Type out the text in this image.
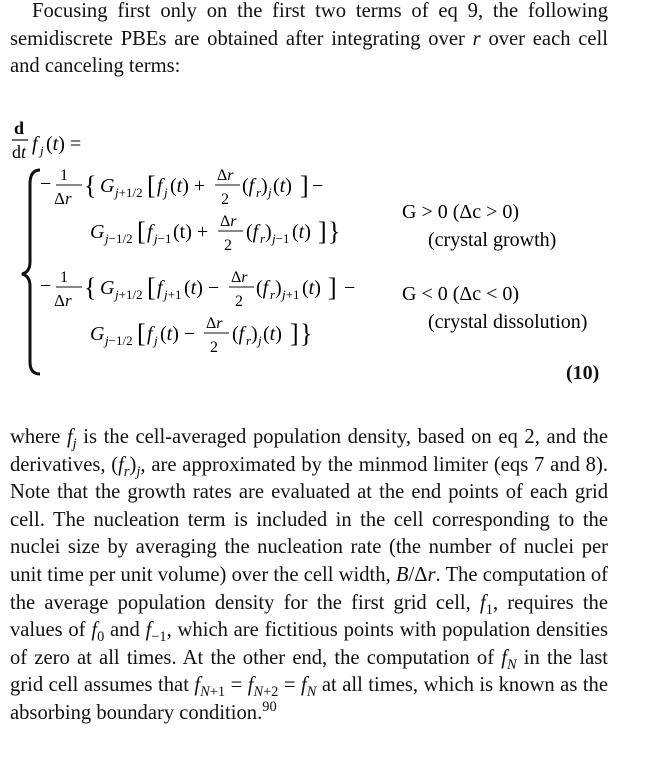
Focusing first only on the first two terms of eq 9, the following semidiscrete PBEs are obtained after integrating over r over each cell and canceling terms:

d
dt f j (t) =
− 1
Δr { G j+1/2 [ f j (t) + Δr
2
(f r ) j (t) ] −
G j−1/2 [ f j−1 (t) + Δr
2
(f r ) j−1 (t) ] }
− 1
Δr { G j+1/2 [ f j+1 (t) − Δr
2
(f r ) j+1 (t) ] −
G j−1/2 [ f j (t) − Δr
2
(f r ) j (t) ] }
G > 0 (Δc > 0)
(crystal growth)
G < 0 (Δc < 0)
(crystal dissolution)
(10)

where $f_j$ is the cell-averaged population density, based on eq 2, and the derivatives, $(f_r)_j$, are approximated by the minmod limiter (eqs 7 and 8). Note that the growth rates are evaluated at the end points of each grid cell. The nucleation term is included in the cell corresponding to the nuclei size by averaging the nucleation rate (the number of nuclei per unit time per unit volume) over the cell width, B/Δr. The computation of the average population density for the first grid cell, $f_1$, requires the values of $f_0$ and $f_{-1}$, which are fictitious points with population densities of zero at all times. At the other end, the computation of $f_N$ in the last grid cell assumes that $f_{N+1} = f_{N+2} = f_N$ at all times, which is known as the absorbing boundary condition.$^{90}$
